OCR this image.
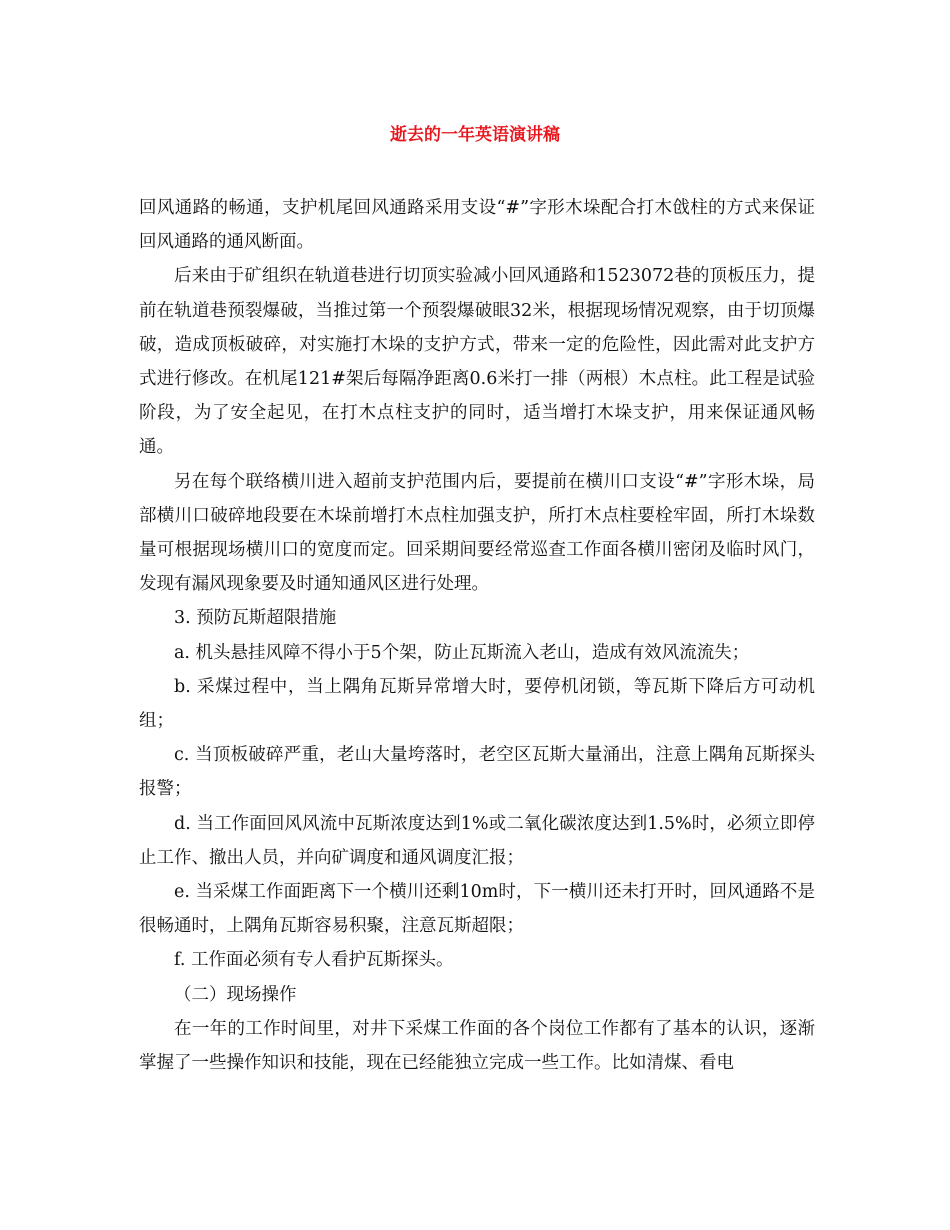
逝去的一年英语演讲稿

回风通路的畅通，支护机尾回风通路采用支设“#”字形木垛配合打木戗柱的方式来保证回风通路的通风断面。

后来由于矿组织在轨道巷进行切顶实验减小回风通路和1523072巷的顶板压力，提前在轨道巷预裂爆破，当推过第一个预裂爆破眼32米，根据现场情况观察，由于切顶爆破，造成顶板破碎，对实施打木垛的支护方式，带来一定的危险性，因此需对此支护方式进行修改。在机尾121#架后每隔净距离0.6米打一排（两根）木点柱。此工程是试验阶段，为了安全起见，在打木点柱支护的同时，适当增打木垛支护，用来保证通风畅通。

另在每个联络横川进入超前支护范围内后，要提前在横川口支设“#”字形木垛，局部横川口破碎地段要在木垛前增打木点柱加强支护，所打木点柱要栓牢固，所打木垛数量可根据现场横川口的宽度而定。回采期间要经常巡查工作面各横川密闭及临时风门，发现有漏风现象要及时通知通风区进行处理。

3. 预防瓦斯超限措施

a. 机头悬挂风障不得小于5个架，防止瓦斯流入老山，造成有效风流流失；

b. 采煤过程中，当上隅角瓦斯异常增大时，要停机闭锁，等瓦斯下降后方可动机组；

c. 当顶板破碎严重，老山大量垮落时，老空区瓦斯大量涌出，注意上隅角瓦斯探头报警；

d. 当工作面回风风流中瓦斯浓度达到1%或二氧化碳浓度达到1.5%时，必须立即停止工作、撤出人员，并向矿调度和通风调度汇报；

e. 当采煤工作面距离下一个横川还剩10m时，下一横川还未打开时，回风通路不是很畅通时，上隅角瓦斯容易积聚，注意瓦斯超限；

f. 工作面必须有专人看护瓦斯探头。

（二）现场操作

在一年的工作时间里，对井下采煤工作面的各个岗位工作都有了基本的认识，逐渐掌握了一些操作知识和技能，现在已经能独立完成一些工作。比如清煤、看电
